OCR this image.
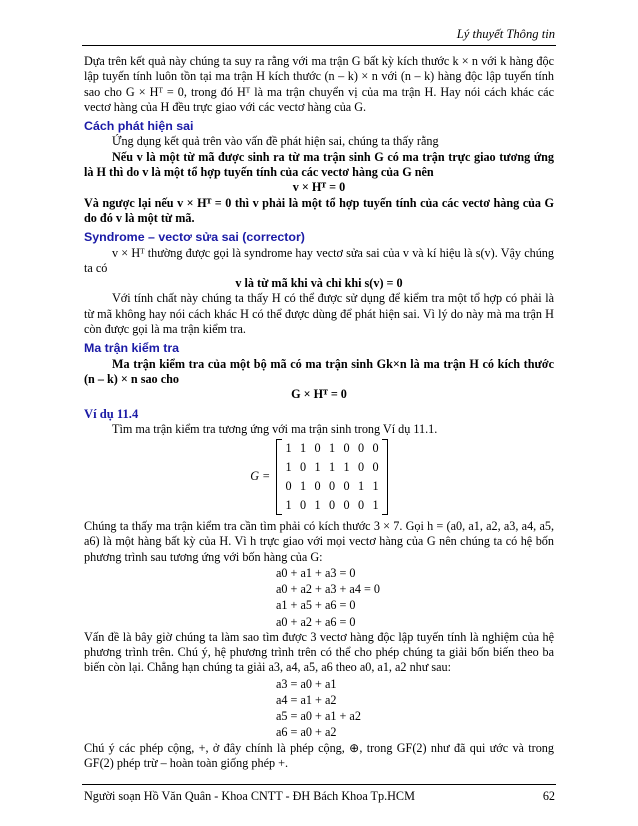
Lý thuyết Thông tin

Dựa trên kết quả này chúng ta suy ra rằng với ma trận G bất kỳ kích thước k × n với k hàng độc lập tuyến tính luôn tồn tại ma trận H kích thước (n – k) × n với (n – k) hàng độc lập tuyến tính sao cho G × Hᵀ = 0, trong đó Hᵀ là ma trận chuyển vị của ma trận H. Hay nói cách khác các vectơ hàng của H đều trực giao với các vectơ hàng của G.

Cách phát hiện sai

Ứng dụng kết quả trên vào vấn đề phát hiện sai, chúng ta thấy rằng

Nếu v là một từ mã được sinh ra từ ma trận sinh G có ma trận trực giao tương ứng là H thì do v là một tổ hợp tuyến tính của các vectơ hàng của G nên

v × Hᵀ = 0

Và ngược lại nếu v × Hᵀ = 0 thì v phải là một tổ hợp tuyến tính của các vectơ hàng của G do đó v là một từ mã.

Syndrome – vectơ sửa sai (corrector)

v × Hᵀ thường được gọi là syndrome hay vectơ sửa sai của v và kí hiệu là s(v). Vậy chúng ta có

v là từ mã khi và chỉ khi s(v) = 0

Với tính chất này chúng ta thấy H có thể được sử dụng để kiểm tra một tổ hợp có phải là từ mã không hay nói cách khác H có thể được dùng để phát hiện sai. Vì lý do này mà ma trận H còn được gọi là ma trận kiểm tra.

Ma trận kiểm tra

Ma trận kiểm tra của một bộ mã có ma trận sinh Gk×n là ma trận H có kích thước (n – k) × n sao cho

G × Hᵀ = 0

Ví dụ 11.4

Tìm ma trận kiểm tra tương ứng với ma trận sinh trong Ví dụ 11.1.

G =
1	1	0	1	0	0	0
1	0	1	1	1	0	0
0	1	0	0	0	1	1
1	0	1	0	0	0	1

Chúng ta thấy ma trận kiểm tra cần tìm phải có kích thước 3 × 7. Gọi h = (a0, a1, a2, a3, a4, a5, a6) là một hàng bất kỳ của H. Vì h trực giao với mọi vectơ hàng của G nên chúng ta có hệ bốn phương trình sau tương ứng với bốn hàng của G:

a0 + a1 + a3 = 0
a0 + a2 + a3 + a4 = 0
a1 + a5 + a6 = 0
a0 + a2 + a6 = 0

Vấn đề là bây giờ chúng ta làm sao tìm được 3 vectơ hàng độc lập tuyến tính là nghiệm của hệ phương trình trên. Chú ý, hệ phương trình trên có thể cho phép chúng ta giải bốn biến theo ba biến còn lại. Chẳng hạn chúng ta giải a3, a4, a5, a6 theo a0, a1, a2 như sau:

a3 = a0 + a1
a4 = a1 + a2
a5 = a0 + a1 + a2
a6 = a0 + a2

Chú ý các phép cộng, +, ở đây chính là phép cộng, ⊕, trong GF(2) như đã qui ước và trong GF(2) phép trừ – hoàn toàn giống phép +.

Người soạn Hồ Văn Quân - Khoa CNTT - ĐH Bách Khoa Tp.HCM	62
